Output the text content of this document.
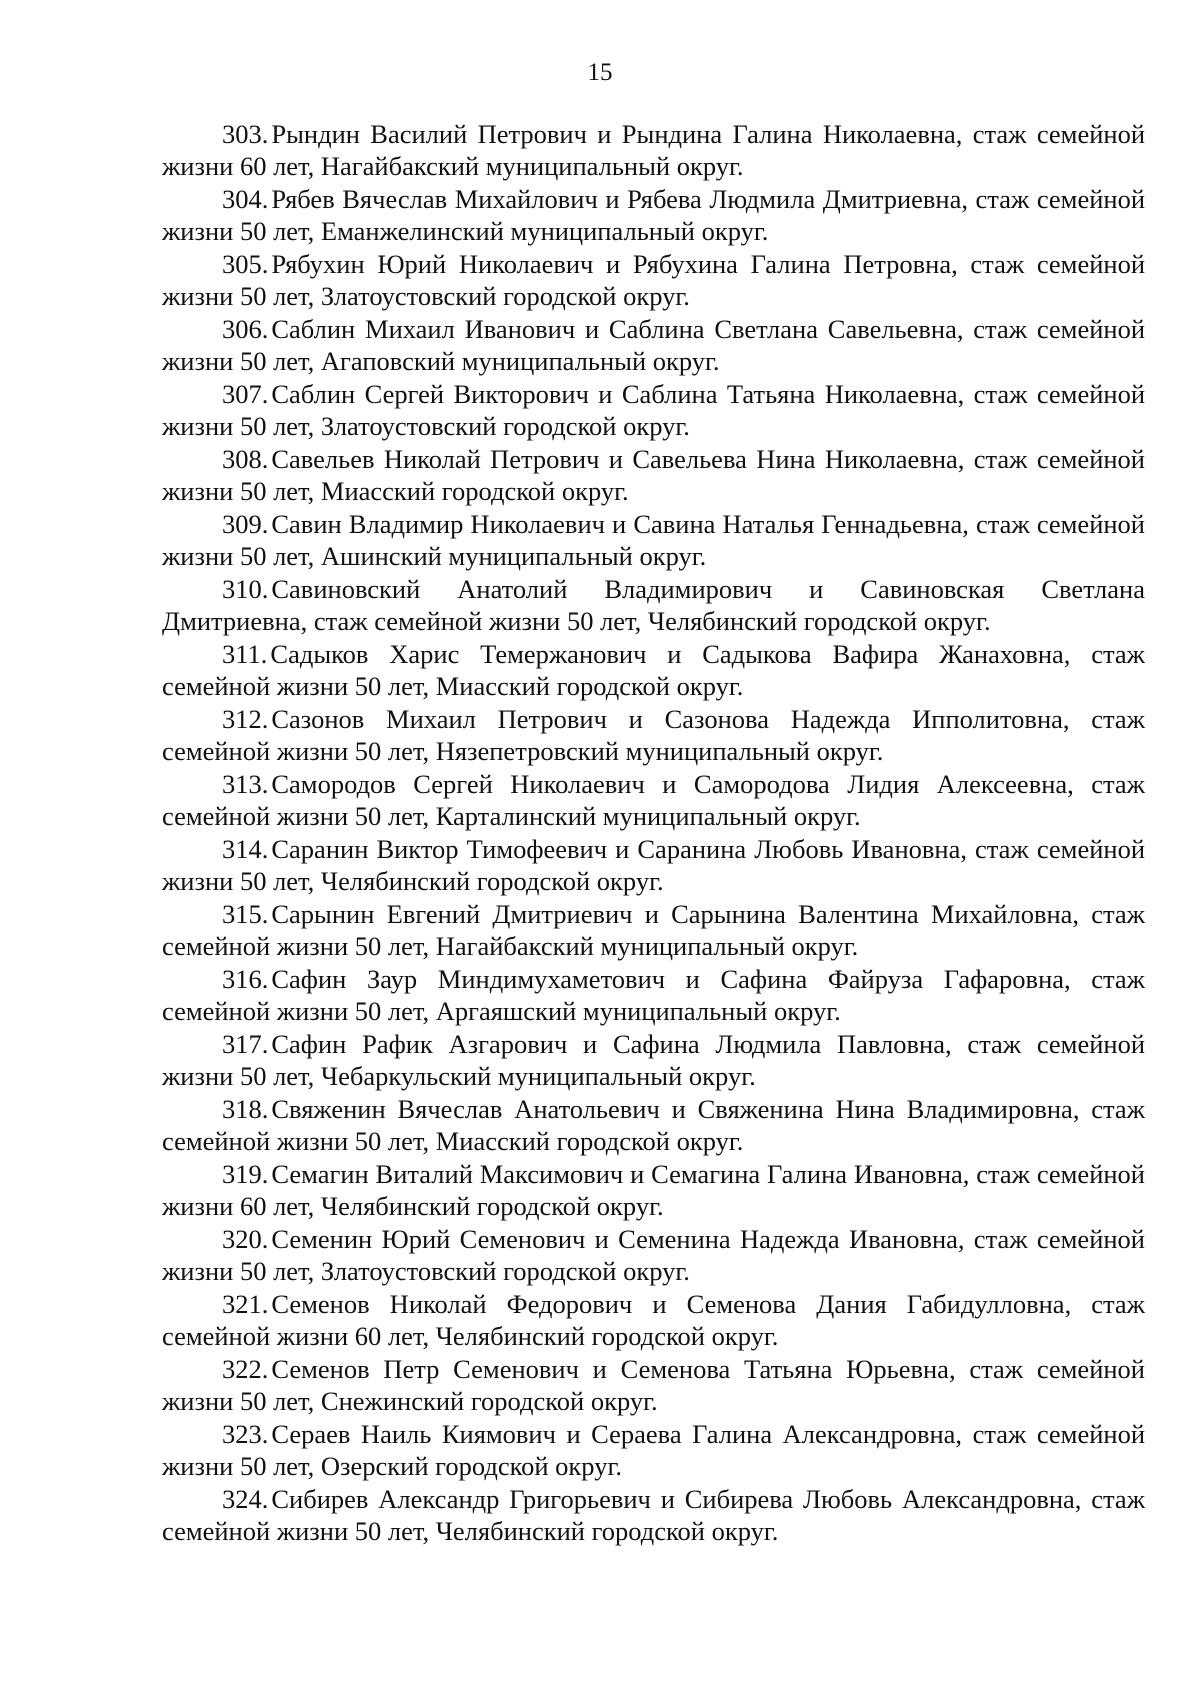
15

303. Рындин Василий Петрович и Рындина Галина Николаевна, стаж семейной жизни 60 лет, Нагайбакский муниципальный округ.

304. Рябев Вячеслав Михайлович и Рябева Людмила Дмитриевна, стаж семейной жизни 50 лет, Еманжелинский муниципальный округ.

305. Рябухин Юрий Николаевич и Рябухина Галина Петровна, стаж семейной жизни 50 лет, Златоустовский городской округ.

306. Саблин Михаил Иванович и Саблина Светлана Савельевна, стаж семейной жизни 50 лет, Агаповский муниципальный округ.

307. Саблин Сергей Викторович и Саблина Татьяна Николаевна, стаж семейной жизни 50 лет, Златоустовский городской округ.

308. Савельев Николай Петрович и Савельева Нина Николаевна, стаж семейной жизни 50 лет, Миасский городской округ.

309. Савин Владимир Николаевич и Савина Наталья Геннадьевна, стаж семейной жизни 50 лет, Ашинский муниципальный округ.

310. Савиновский Анатолий Владимирович и Савиновская Светлана Дмитриевна, стаж семейной жизни 50 лет, Челябинский городской округ.

311. Садыков Харис Темержанович и Садыкова Вафира Жанаховна, стаж семейной жизни 50 лет, Миасский городской округ.

312. Сазонов Михаил Петрович и Сазонова Надежда Ипполитовна, стаж семейной жизни 50 лет, Нязепетровский муниципальный округ.

313. Самородов Сергей Николаевич и Самородова Лидия Алексеевна, стаж семейной жизни 50 лет, Карталинский муниципальный округ.

314. Саранин Виктор Тимофеевич и Саранина Любовь Ивановна, стаж семейной жизни 50 лет, Челябинский городской округ.

315. Сарынин Евгений Дмитриевич и Сарынина Валентина Михайловна, стаж семейной жизни 50 лет, Нагайбакский муниципальный округ.

316. Сафин Заур Миндимухаметович и Сафина Файруза Гафаровна, стаж семейной жизни 50 лет, Аргаяшский муниципальный округ.

317. Сафин Рафик Азгарович и Сафина Людмила Павловна, стаж семейной жизни 50 лет, Чебаркульский муниципальный округ.

318. Свяженин Вячеслав Анатольевич и Свяженина Нина Владимировна, стаж семейной жизни 50 лет, Миасский городской округ.

319. Семагин Виталий Максимович и Семагина Галина Ивановна, стаж семейной жизни 60 лет, Челябинский городской округ.

320. Семенин Юрий Семенович и Семенина Надежда Ивановна, стаж семейной жизни 50 лет, Златоустовский городской округ.

321. Семенов Николай Федорович и Семенова Дания Габидулловна, стаж семейной жизни 60 лет, Челябинский городской округ.

322. Семенов Петр Семенович и Семенова Татьяна Юрьевна, стаж семейной жизни 50 лет, Снежинский городской округ.

323. Сераев Наиль Киямович и Сераева Галина Александровна, стаж семейной жизни 50 лет, Озерский городской округ.

324. Сибирев Александр Григорьевич и Сибирева Любовь Александровна, стаж семейной жизни 50 лет, Челябинский городской округ.
